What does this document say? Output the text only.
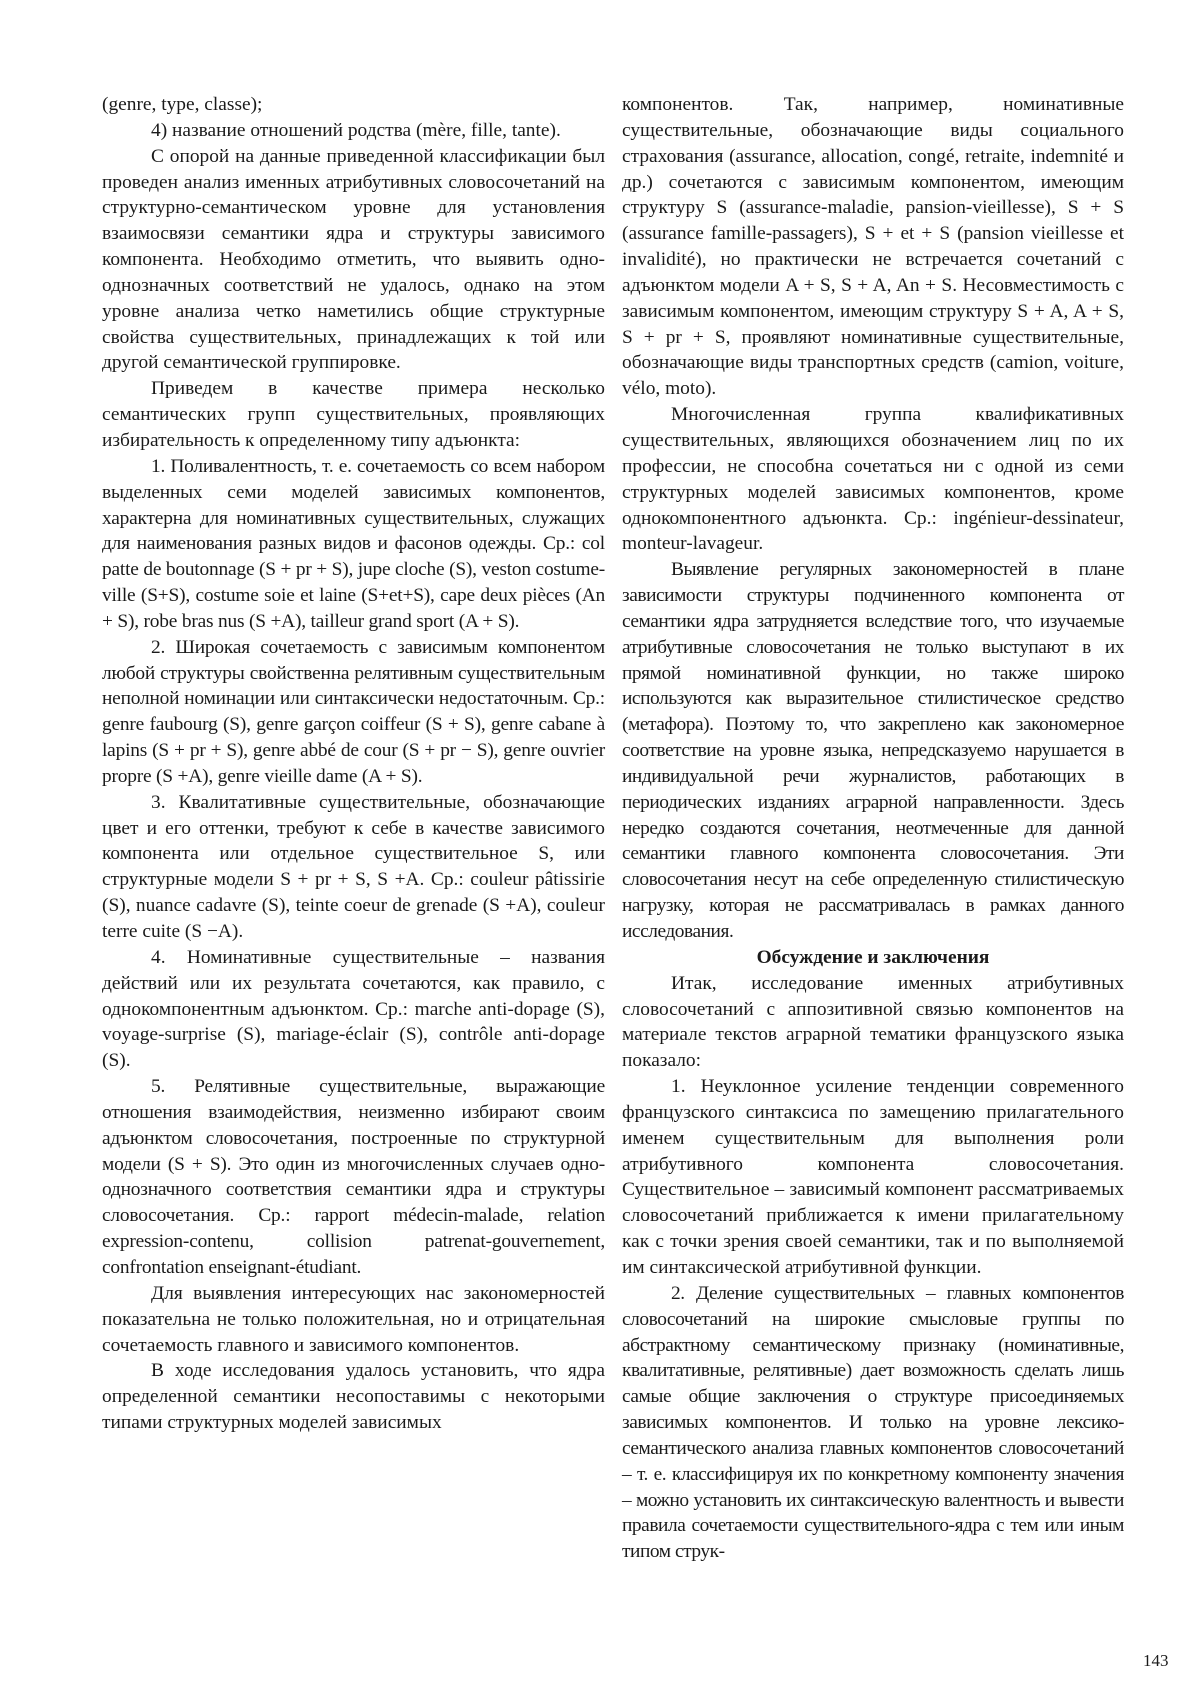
(genre, type, classe);

4) название отношений родства (mère, fille, tante).

С опорой на данные приведенной классификации был проведен анализ именных атрибутивных словосочетаний на структурно-семантическом уровне для установления взаимосвязи семантики ядра и структуры зависимого компонента. Необходимо отметить, что выявить одно-однозначных соответствий не удалось, однако на этом уровне анализа четко наметились общие структурные свойства существительных, принадлежащих к той или другой семантической группировке.

Приведем в качестве примера несколько семантических групп существительных, проявляющих избирательность к определенному типу адъюнкта:

1. Поливалентность, т. е. сочетаемость со всем набором выделенных семи моделей зависимых компонентов, характерна для номинативных существительных, служащих для наименования разных видов и фасонов одежды. Ср.: col patte de boutonnage (S + pr + S), jupe cloche (S), veston costume-ville (S+S), costume soie et laine (S+et+S), cape deux pièces (An + S), robe bras nus (S +A), tailleur grand sport (A + S).

2. Широкая сочетаемость с зависимым компонентом любой структуры свойственна релятивным существительным неполной номинации или синтаксически недостаточным. Ср.: genre faubourg (S), genre garçon coiffeur (S + S), genre cabane à lapins (S + pr + S), genre abbé de cour (S + pr − S), genre ouvrier propre (S +A), genre vieille dame (A + S).

3. Квалитативные существительные, обозначающие цвет и его оттенки, требуют к себе в качестве зависимого компонента или отдельное существительное S, или структурные модели S + pr + S, S +A. Ср.: couleur pâtissirie (S), nuance cadavre (S), teinte coeur de grenade (S +A), couleur terre cuite (S −A).

4. Номинативные существительные – названия действий или их результата сочетаются, как правило, с однокомпонентным адъюнктом. Ср.: marche anti-dopage (S), voyage-surprise (S), mariage-éclair (S), contrôle anti-dopage (S).

5. Релятивные существительные, выражающие отношения взаимодействия, неизменно избирают своим адъюнктом словосочетания, построенные по структурной модели (S + S). Это один из многочисленных случаев одно-однозначного соответствия семантики ядра и структуры словосочетания. Ср.: rapport médecin-malade, relation expression-contenu, collision patrenat-gouvernement, confrontation enseignant-étudiant.

Для выявления интересующих нас закономерностей показательна не только положительная, но и отрицательная сочетаемость главного и зависимого компонентов.

В ходе исследования удалось установить, что ядра определенной семантики несопоставимы с некоторыми типами структурных моделей зависимых

компонентов. Так, например, номинативные существительные, обозначающие виды социального страхования (assurance, allocation, congé, retraite, indemnité и др.) сочетаются с зависимым компонентом, имеющим структуру S (assurance-maladie, pansion-vieillesse), S + S (assurance famille-passagers), S + et + S (pansion vieillesse et invalidité), но практически не встречается сочетаний с адъюнктом модели A + S, S + A, An + S. Несовместимость с зависимым компонентом, имеющим структуру S + A, A + S, S + pr + S, проявляют номинативные существительные, обозначающие виды транспортных средств (camion, voiture, vélo, moto).

Многочисленная группа квалификативных существительных, являющихся обозначением лиц по их профессии, не способна сочетаться ни с одной из семи структурных моделей зависимых компонентов, кроме однокомпонентного адъюнкта. Ср.: ingénieur-dessinateur, monteur-lavageur.

Выявление регулярных закономерностей в плане зависимости структуры подчиненного компонента от семантики ядра затрудняется вследствие того, что изучаемые атрибутивные словосочетания не только выступают в их прямой номинативной функции, но также широко используются как выразительное стилистическое средство (метафора). Поэтому то, что закреплено как закономерное соответствие на уровне языка, непредсказуемо нарушается в индивидуальной речи журналистов, работающих в периодических изданиях аграрной направленности. Здесь нередко создаются сочетания, неотмеченные для данной семантики главного компонента словосочетания. Эти словосочетания несут на себе определенную стилистическую нагрузку, которая не рассматривалась в рамках данного исследования.

Обсуждение и заключения

Итак, исследование именных атрибутивных словосочетаний с аппозитивной связью компонентов на материале текстов аграрной тематики французского языка показало:

1. Неуклонное усиление тенденции современного французского синтаксиса по замещению прилагательного именем существительным для выполнения роли атрибутивного компонента словосочетания. Существительное – зависимый компонент рассматриваемых словосочетаний приближается к имени прилагательному как с точки зрения своей семантики, так и по выполняемой им синтаксической атрибутивной функции.

2. Деление существительных – главных компонентов словосочетаний на широкие смысловые группы по абстрактному семантическому признаку (номинативные, квалитативные, релятивные) дает возможность сделать лишь самые общие заключения о структуре присоединяемых зависимых компонентов. И только на уровне лексико-семантического анализа главных компонентов словосочетаний – т. е. классифицируя их по конкретному компоненту значения – можно установить их синтаксическую валентность и вывести правила сочетаемости существительного-ядра с тем или иным типом струк-

143
